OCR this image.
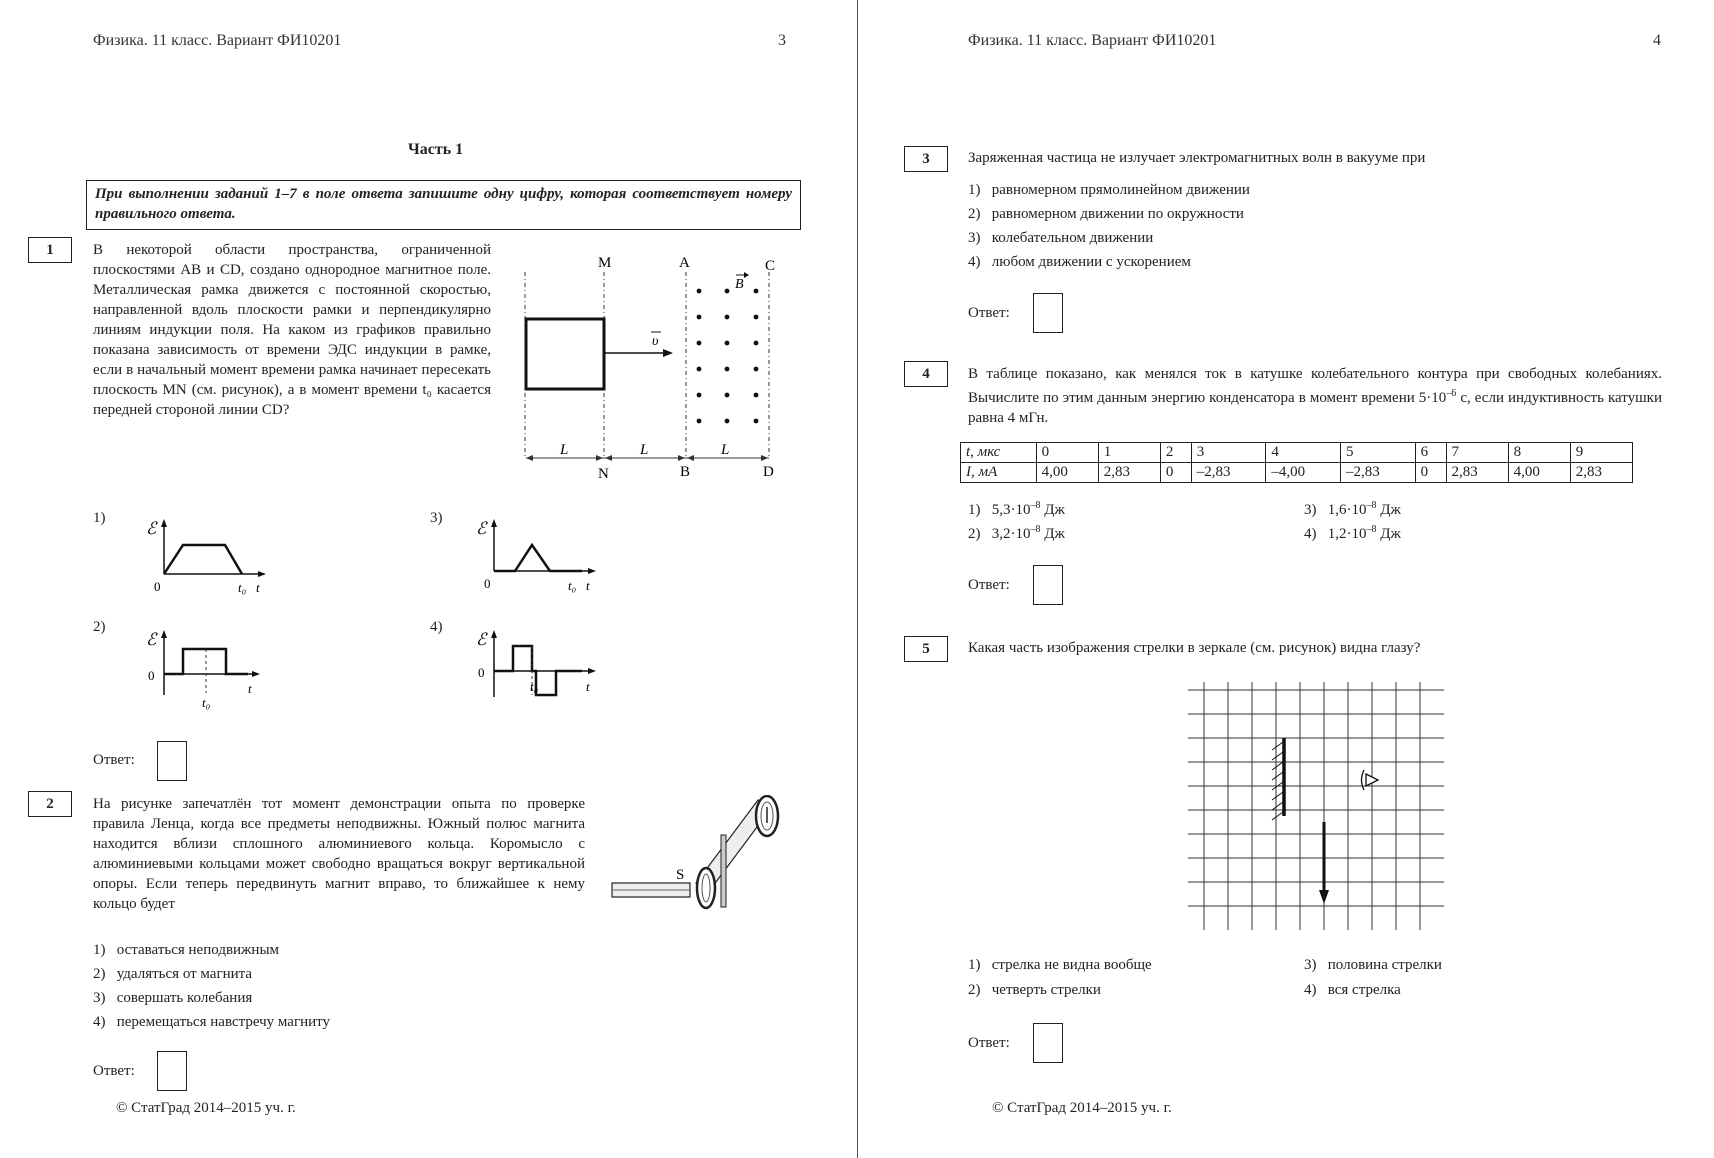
Физика. 11 класс. Вариант ФИ10201	3
Часть 1
При выполнении заданий 1–7 в поле ответа запишите одну цифру, которая соответствует номеру правильного ответа.
1	В некоторой области пространства, ограниченной плоскостями AB и CD, создано однородное магнитное поле. Металлическая рамка движется с постоянной скоростью, направленной вдоль плоскости рамки и перпендикулярно линиям индукции поля. На каком из графиков правильно показана зависимость от времени ЭДС индукции в рамке, если в начальный момент времени рамка начинает пересекать плоскость MN (см. рисунок), а в момент времени t₀ касается передней стороной линии CD?
υ
B
M	A	C
L	L	L
N	B	D
1)
ℰ
0	t₀ t
3)
ℰ
0	t₀ t
2)
ℰ
0
t₀
t
4)
ℰ
0
t₀	t
Ответ:
2	На рисунке запечатлён тот момент демонстрации опыта по проверке правила Ленца, когда все предметы неподвижны. Южный полюс магнита находится вблизи сплошного алюминиевого кольца. Коромысло с алюминиевыми кольцами может свободно вращаться вокруг вертикальной опоры. Если теперь передвинуть магнит вправо, то ближайшее к нему кольцо будет
S
1) оставаться неподвижным
2) удаляться от магнита
3) совершать колебания
4) перемещаться навстречу магниту
Ответ:
© СтатГрад 2014–2015 уч. г.
Физика. 11 класс. Вариант ФИ10201	4
3	Заряженная частица не излучает электромагнитных волн в вакууме при
1) равномерном прямолинейном движении
2) равномерном движении по окружности
3) колебательном движении
4) любом движении с ускорением
Ответ:
4	В таблице показано, как менялся ток в катушке колебательного контура при свободных колебаниях. Вычислите по этим данным энергию конденсатора в момент времени $5\cdot 10^{-6}$ с, если индуктивность катушки равна 4 мГн.
t, мкс	0	1	2	3	4	5	6	7	8	9
I, мА	4,00	2,83	0	–2,83	–4,00	–2,83	0	2,83	4,00	2,83
1) $5,3\cdot 10^{-8}$ Дж
2) $3,2\cdot 10^{-8}$ Дж
3) $1,6\cdot 10^{-8}$ Дж
4) $1,2\cdot 10^{-8}$ Дж
Ответ:
5	Какая часть изображения стрелки в зеркале (см. рисунок) видна глазу?
1) стрелка не видна вообще
2) четверть стрелки
3) половина стрелки
4) вся стрелка
Ответ:
© СтатГрад 2014–2015 уч. г.
